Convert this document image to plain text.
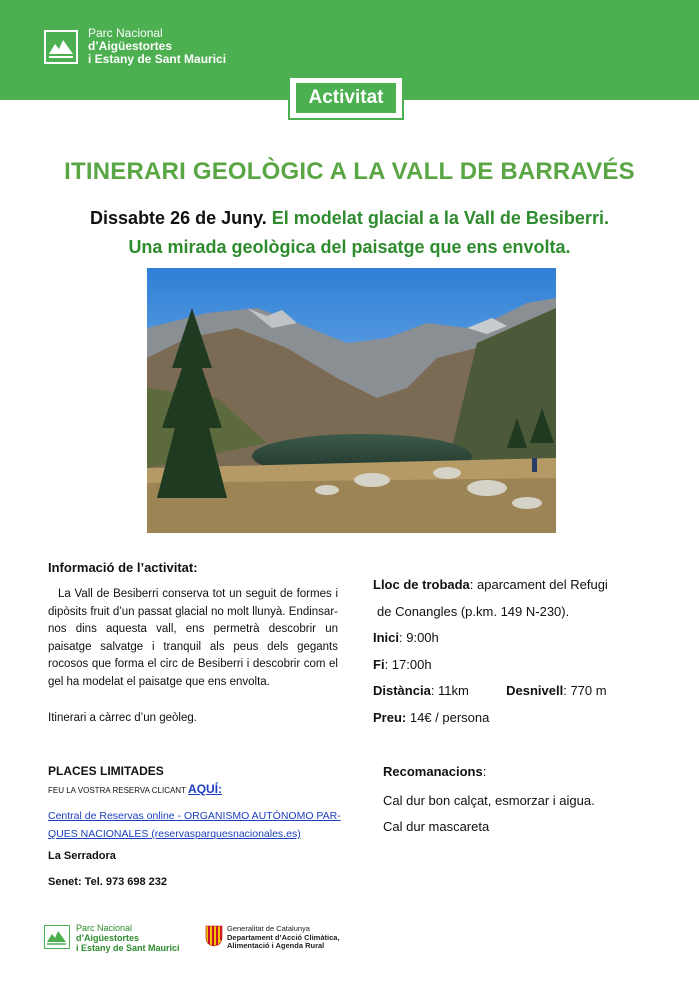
Parc Nacional
d’Aigüestortes
i Estany de Sant Maurici
Activitat
ITINERARI GEOLÒGIC A LA VALL DE BARRAVÉS
Dissabte 26 de Juny. El modelat glacial a la Vall de Besiberri.
Una mirada geològica del paisatge que ens envolta.
Informació de l’activitat:

La Vall de Besiberri conserva tot un seguit de formes i dipòsits fruit d’un passat glacial no molt llunyà. Endinsar-nos dins aquesta vall, ens permetrà descobrir un paisatge salvatge i tranquil als peus dels gegants rocosos que forma el circ de Besiberri i descobrir com el gel ha modelat el paisatge que ens envolta.

Itinerari a càrrec d’un geòleg.
Lloc de trobada: aparcament del Refugi
de Conangles (p.km. 149 N-230).
Inici: 9:00h
Fi: 17:00h
Distància: 11km	Desnivell: 770 m
Preu: 14€ / persona
PLACES LIMITADES
FEU LA VOSTRA RESERVA CLICANT AQUÍ:
Central de Reservas online - ORGANISMO AUTÓNOMO PAR-
QUES NACIONALES (reservasparquesnacionales.es)
La Serradora
Senet: Tel. 973 698 232
Recomanacions:
Cal dur bon calçat, esmorzar i aigua.
Cal dur mascareta
Parc Nacional
d’Aigüestortes
i Estany de Sant Maurici
Generalitat de Catalunya
Departament d’Acció Climàtica,
Alimentació i Agenda Rural
